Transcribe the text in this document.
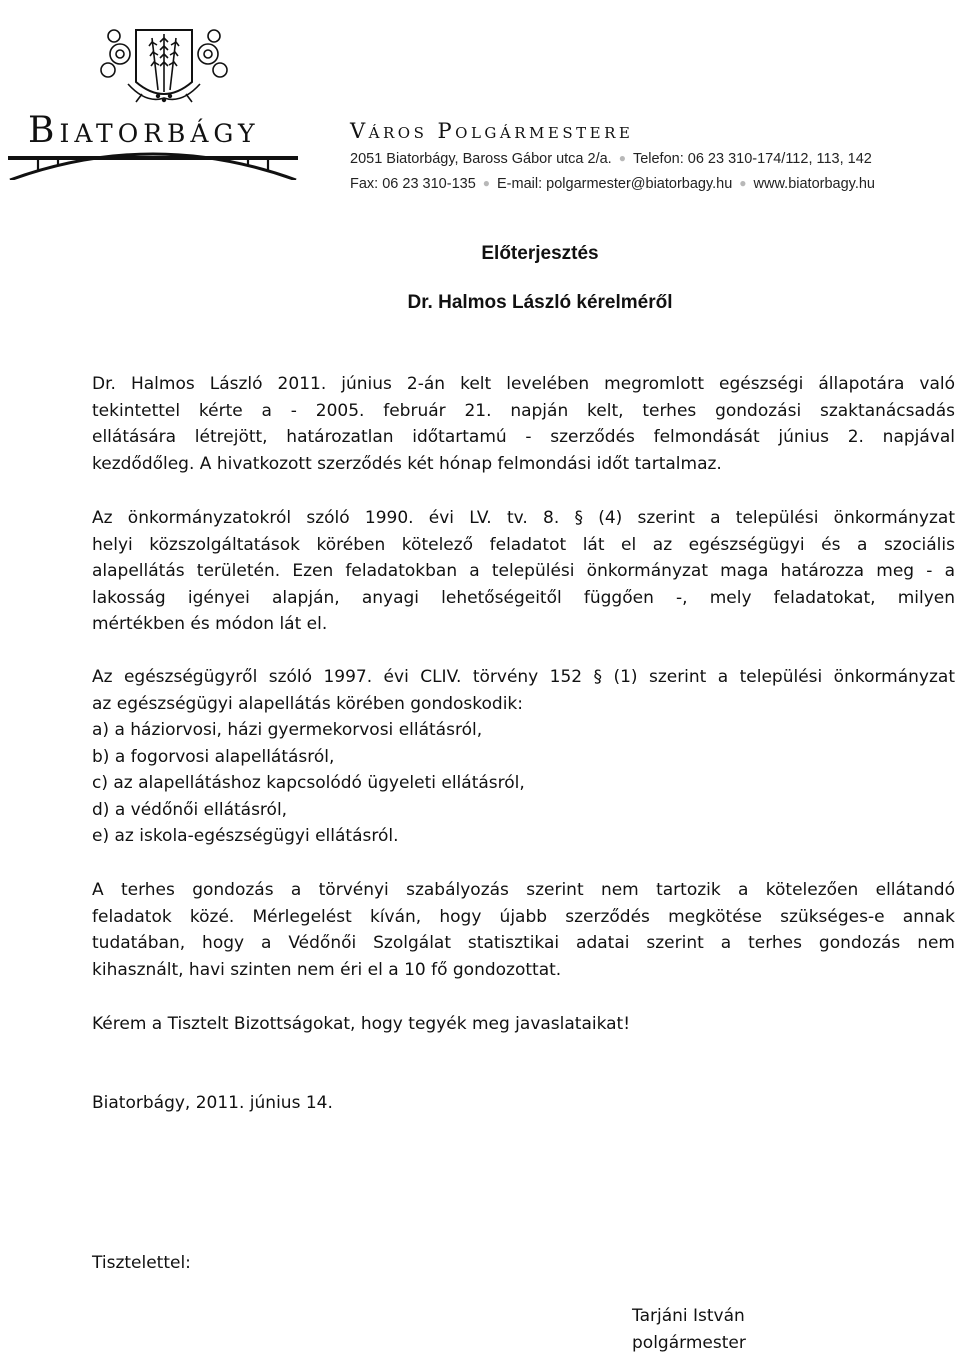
Biatorbágy	Város Polgármestere
2051 Biatorbágy, Baross Gábor utca 2/a. ● Telefon: 06 23 310-174/112, 113, 142
Fax: 06 23 310-135 ● E-mail: polgarmester@biatorbagy.hu ● www.biatorbagy.hu
Előterjesztés
Dr. Halmos László kérelméről
Dr. Halmos László 2011. június 2-án kelt levelében megromlott egészségi állapotára való
tekintettel kérte a - 2005. február 21. napján kelt, terhes gondozási szaktanácsadás
ellátására létrejött, határozatlan időtartamú - szerződés felmondását június 2. napjával
kezdődőleg. A hivatkozott szerződés két hónap felmondási időt tartalmaz.
Az önkormányzatokról szóló 1990. évi LV. tv. 8. § (4) szerint a települési önkormányzat
helyi közszolgáltatások körében kötelező feladatot lát el az egészségügyi és a szociális
alapellátás területén. Ezen feladatokban a települési önkormányzat maga határozza meg - a
lakosság igényei alapján, anyagi lehetőségeitől függően -, mely feladatokat, milyen
mértékben és módon lát el.
Az egészségügyről szóló 1997. évi CLIV. törvény 152 § (1) szerint a települési önkormányzat
az egészségügyi alapellátás körében gondoskodik:
a) a háziorvosi, házi gyermekorvosi ellátásról,
b) a fogorvosi alapellátásról,
c) az alapellátáshoz kapcsolódó ügyeleti ellátásról,
d) a védőnői ellátásról,
e) az iskola-egészségügyi ellátásról.
A terhes gondozás a törvényi szabályozás szerint nem tartozik a kötelezően ellátandó
feladatok közé. Mérlegelést kíván, hogy újabb szerződés megkötése szükséges-e annak
tudatában, hogy a Védőnői Szolgálat statisztikai adatai szerint a terhes gondozás nem
kihasznált, havi szinten nem éri el a 10 fő gondozottat.
Kérem a Tisztelt Bizottságokat, hogy tegyék meg javaslataikat!
Biatorbágy, 2011. június 14.
Tisztelettel:
Tarjáni István
polgármester
